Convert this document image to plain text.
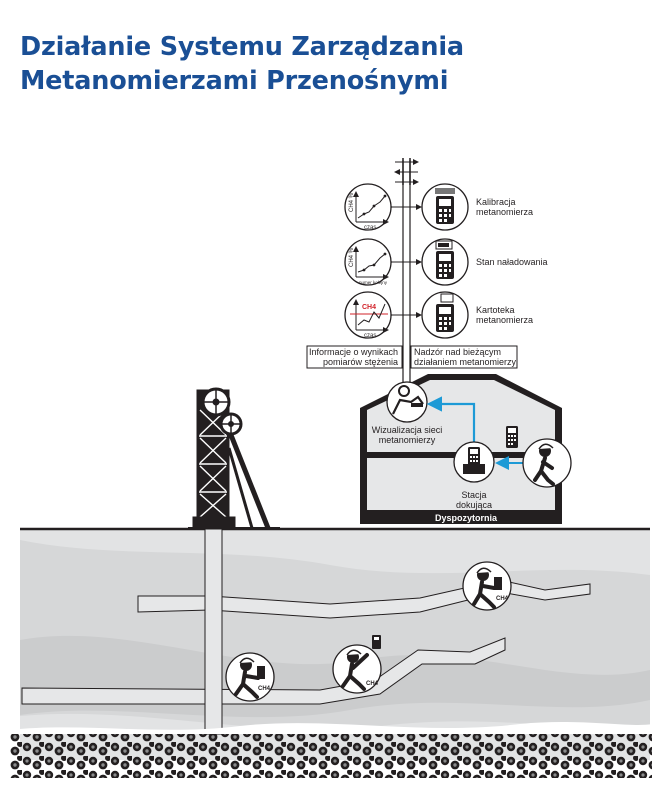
Działanie Systemu Zarządzania
Metanomierzami Przenośnymi
CH4 %
czas
Kalibracja
metanomierza
CH4 %
numer kolejny
Stan naładowania
CH4
czas
Kartoteka
metanomierza
Informacje o wynikach
pomiarów stężenia
Nadzór nad bieżącym
działaniem metanomierzy
Dyspozytornia
Wizualizacja sieci
metanomierzy
Stacja
dokująca
CH4
CH4
CH4
CH4
